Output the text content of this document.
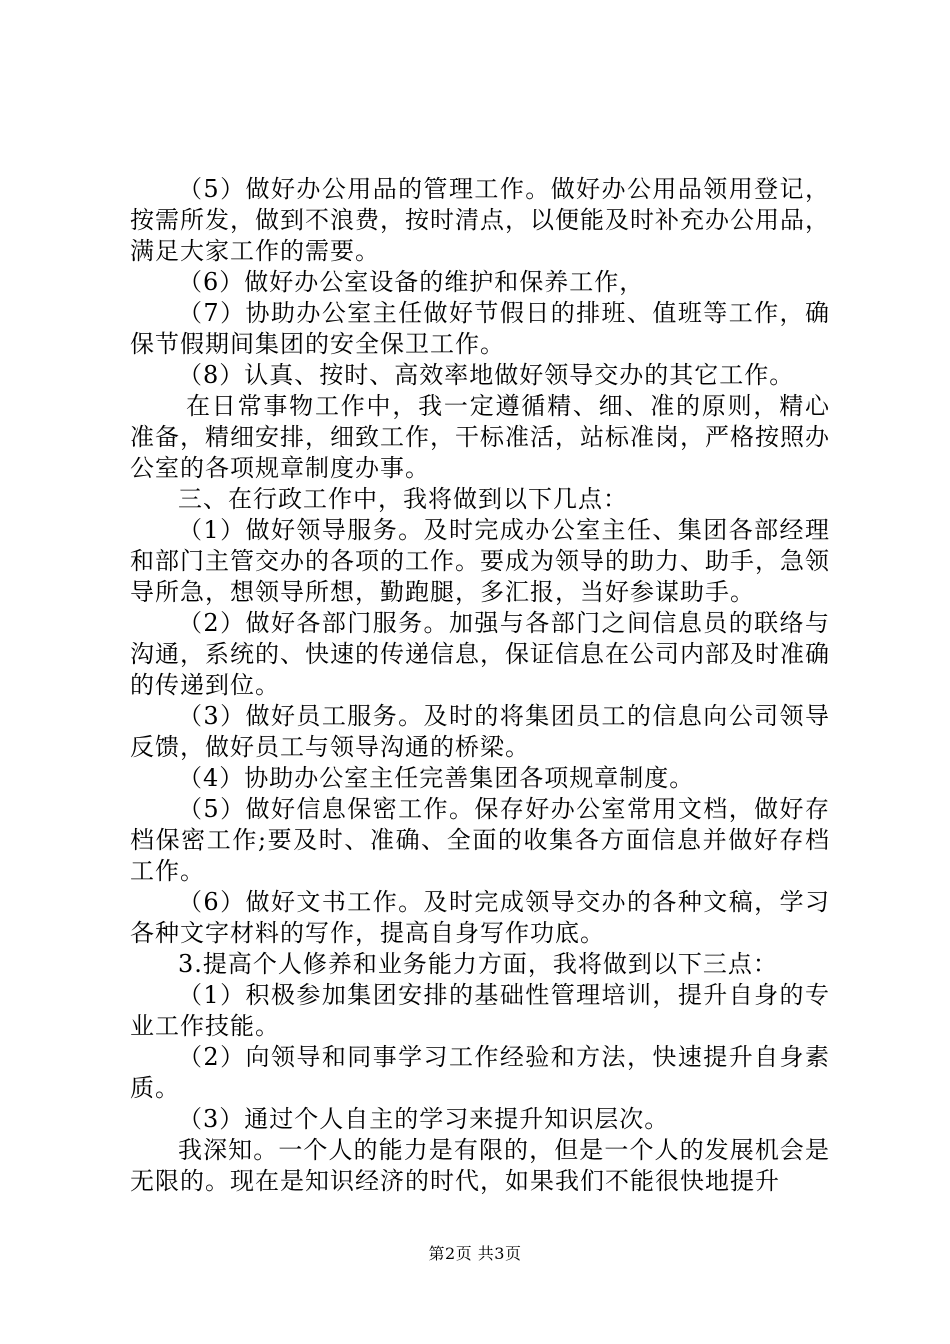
（5）做好办公用品的管理工作。做好办公用品领用登记，按需所发，做到不浪费，按时清点，以便能及时补充办公用品，满足大家工作的需要。

（6）做好办公室设备的维护和保养工作，

（7）协助办公室主任做好节假日的排班、值班等工作，确保节假期间集团的安全保卫工作。

（8）认真、按时、高效率地做好领导交办的其它工作。

在日常事物工作中，我一定遵循精、细、准的原则，精心准备，精细安排，细致工作，干标准活，站标准岗，严格按照办公室的各项规章制度办事。

三、在行政工作中，我将做到以下几点：

（1）做好领导服务。及时完成办公室主任、集团各部经理和部门主管交办的各项的工作。要成为领导的助力、助手，急领导所急，想领导所想，勤跑腿，多汇报，当好参谋助手。

（2）做好各部门服务。加强与各部门之间信息员的联络与沟通，系统的、快速的传递信息，保证信息在公司内部及时准确的传递到位。

（3）做好员工服务。及时的将集团员工的信息向公司领导反馈，做好员工与领导沟通的桥梁。

（4）协助办公室主任完善集团各项规章制度。

（5）做好信息保密工作。保存好办公室常用文档，做好存档保密工作;要及时、准确、全面的收集各方面信息并做好存档工作。

（6）做好文书工作。及时完成领导交办的各种文稿，学习各种文字材料的写作，提高自身写作功底。

3.提高个人修养和业务能力方面，我将做到以下三点：

（1）积极参加集团安排的基础性管理培训，提升自身的专业工作技能。

（2）向领导和同事学习工作经验和方法，快速提升自身素质。

（3）通过个人自主的学习来提升知识层次。

我深知。一个人的能力是有限的，但是一个人的发展机会是无限的。现在是知识经济的时代，如果我们不能很快地提升

第2页 共3页
